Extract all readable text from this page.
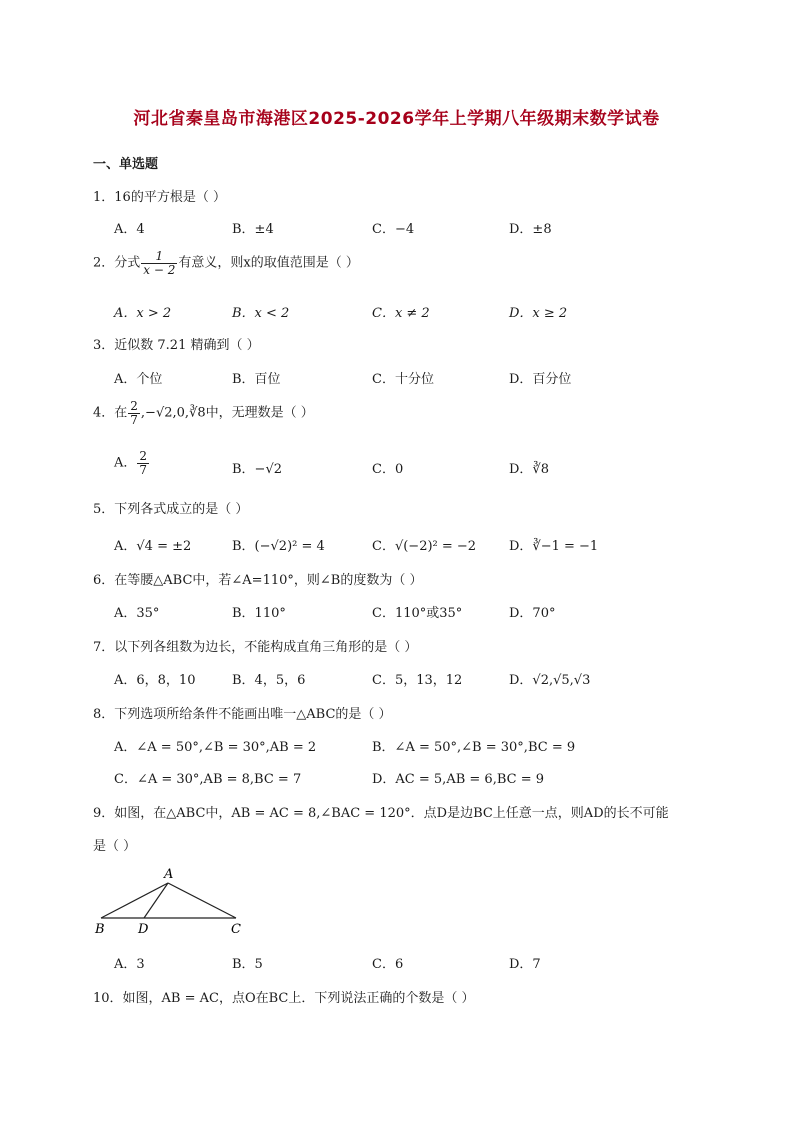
河北省秦皇岛市海港区2025-2026学年上学期八年级期末数学试卷
一、单选题
1．16的平方根是（ ）
A．4	B．±4	C．−4	D．±8
2．分式 $\frac{1}{x - 2}$ 有意义，则x的取值范围是（ ）
A．x > 2	B．x < 2	C．x ≠ 2	D．x ≥ 2
3．近似数 7.21 精确到（ ）
A．个位	B．百位	C．十分位	D．百分位
4．在 $\frac{2}{7}$ ,−√2,0,∛8中，无理数是（ ）
A． $\frac{2}{7}$	B．−√2	C．0	D．∛8
5．下列各式成立的是（ ）
A．√4 = ±2	B．(−√2)² = 4	C．√(−2)² = −2	D．∛−1 = −1
6．在等腰△ABC中，若∠A=110°，则∠B的度数为（ ）
A．35°	B．110°	C．110°或35°	D．70°
7．以下列各组数为边长，不能构成直角三角形的是（ ）
A．6，8，10	B．4，5，6	C．5，13，12	D．√2,√5,√3
8．下列选项所给条件不能画出唯一△ABC的是（ ）
A．∠A = 50°,∠B = 30°,AB = 2	B．∠A = 50°,∠B = 30°,BC = 9
C．∠A = 30°,AB = 8,BC = 7	D．AC = 5,AB = 6,BC = 9
9．如图，在△ABC中，AB = AC = 8,∠BAC = 120°．点D是边BC上任意一点，则AD的长不可能
是（ ）
A
B	D	C
A．3	B．5	C．6	D．7
10．如图，AB = AC，点O在BC上．下列说法正确的个数是（ ）
